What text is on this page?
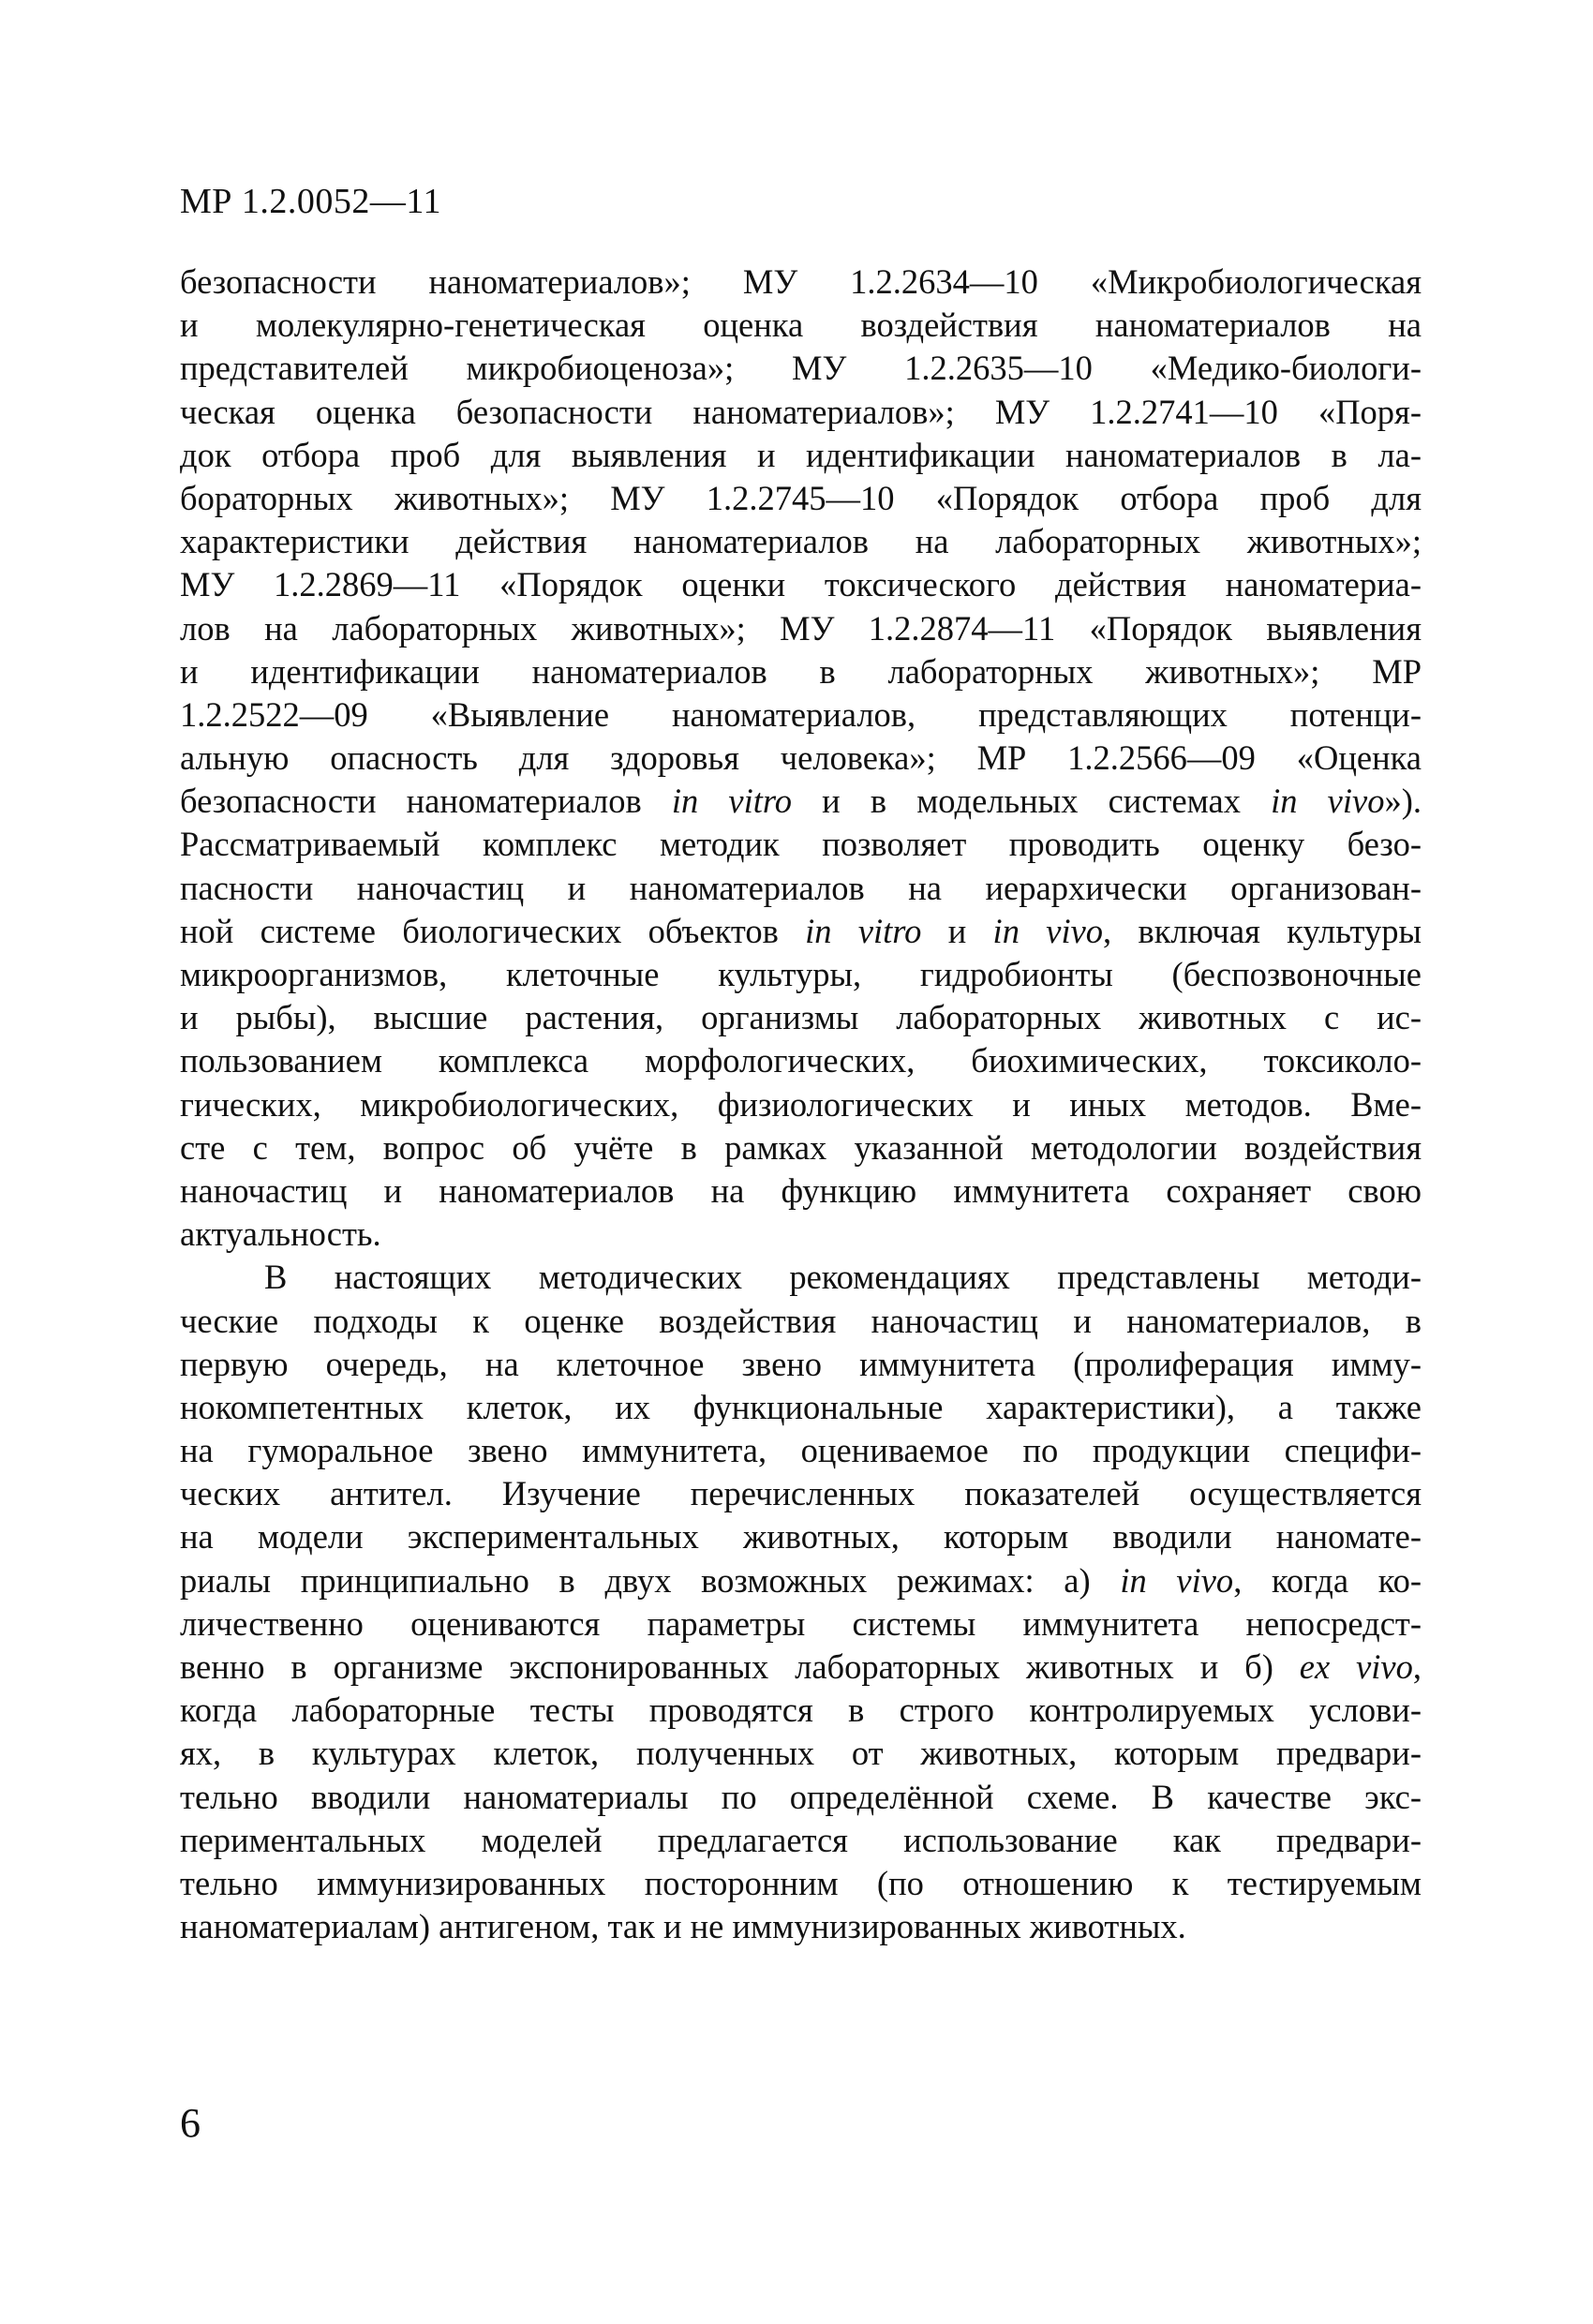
МР 1.2.0052—11
безопасности наноматериалов»; МУ 1.2.2634—10 «Микробиологическая
и молекулярно-генетическая оценка воздействия наноматериалов на
представителей микробиоценоза»; МУ 1.2.2635—10 «Медико-биологи-
ческая оценка безопасности наноматериалов»; МУ 1.2.2741—10 «Поря-
док отбора проб для выявления и идентификации наноматериалов в ла-
бораторных животных»; МУ 1.2.2745—10 «Порядок отбора проб для
характеристики действия наноматериалов на лабораторных животных»;
МУ 1.2.2869—11 «Порядок оценки токсического действия наноматериа-
лов на лабораторных животных»; МУ 1.2.2874—11 «Порядок выявления
и идентификации наноматериалов в лабораторных животных»; МР
1.2.2522—09 «Выявление наноматериалов, представляющих потенци-
альную опасность для здоровья человека»; МР 1.2.2566—09 «Оценка
безопасности наноматериалов in vitro и в модельных системах in vivo»).
Рассматриваемый комплекс методик позволяет проводить оценку безо-
пасности наночастиц и наноматериалов на иерархически организован-
ной системе биологических объектов in vitro и in vivo, включая культуры
микроорганизмов, клеточные культуры, гидробионты (беспозвоночные
и рыбы), высшие растения, организмы лабораторных животных с ис-
пользованием комплекса морфологических, биохимических, токсиколо-
гических, микробиологических, физиологических и иных методов. Вме-
сте с тем, вопрос об учёте в рамках указанной методологии воздействия
наночастиц и наноматериалов на функцию иммунитета сохраняет свою
актуальность.
В настоящих методических рекомендациях представлены методи-
ческие подходы к оценке воздействия наночастиц и наноматериалов, в
первую очередь, на клеточное звено иммунитета (пролиферация имму-
нокомпетентных клеток, их функциональные характеристики), а также
на гуморальное звено иммунитета, оцениваемое по продукции специфи-
ческих антител. Изучение перечисленных показателей осуществляется
на модели экспериментальных животных, которым вводили наномате-
риалы принципиально в двух возможных режимах: а) in vivo, когда ко-
личественно оцениваются параметры системы иммунитета непосредст-
венно в организме экспонированных лабораторных животных и б) ex vivo,
когда лабораторные тесты проводятся в строго контролируемых услови-
ях, в культурах клеток, полученных от животных, которым предвари-
тельно вводили наноматериалы по определённой схеме. В качестве экс-
периментальных моделей предлагается использование как предвари-
тельно иммунизированных посторонним (по отношению к тестируемым
наноматериалам) антигеном, так и не иммунизированных животных.
6
